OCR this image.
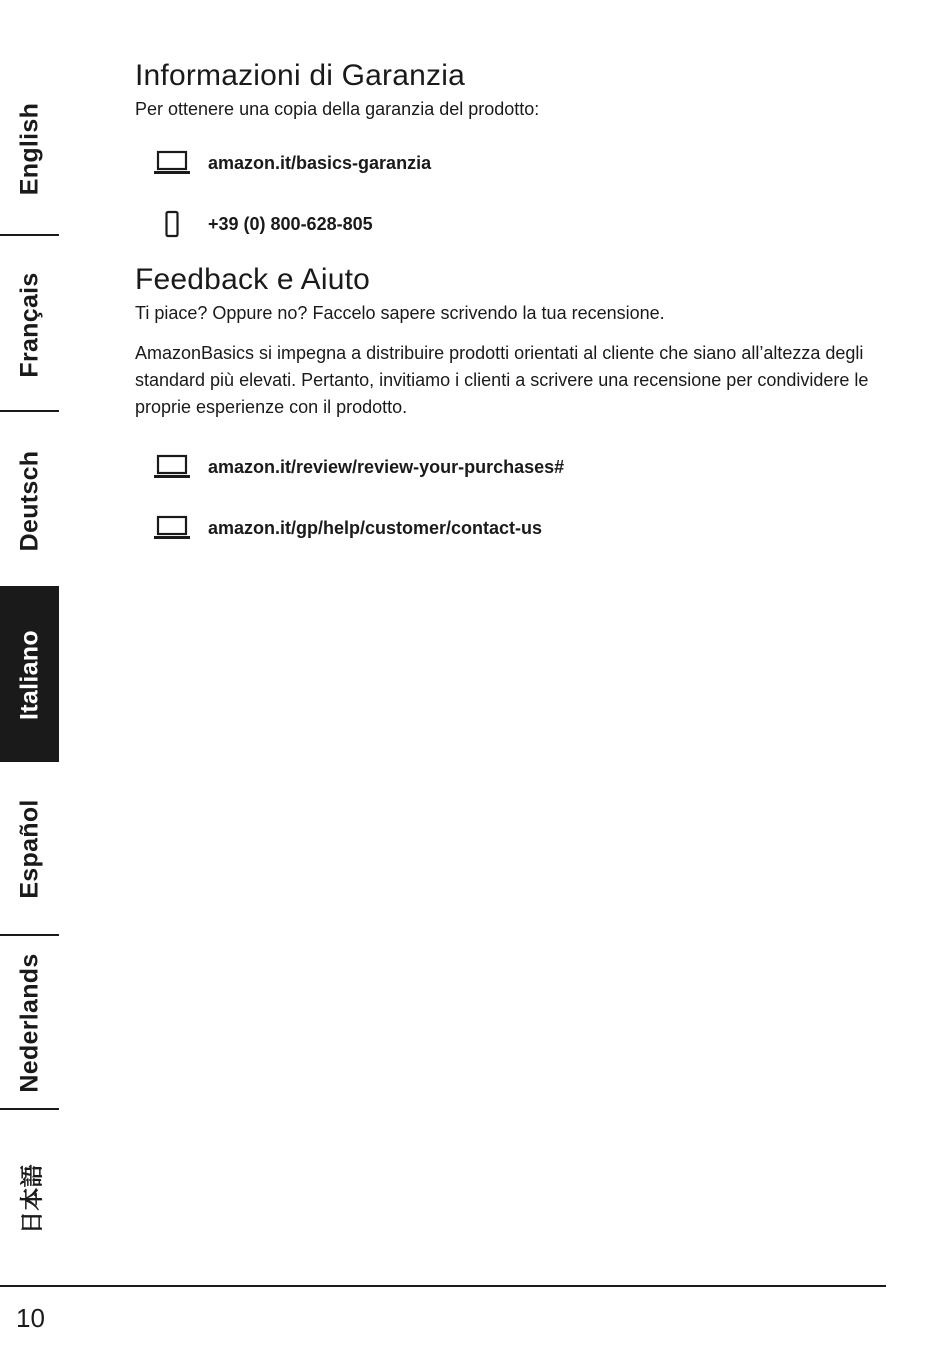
English
Français
Deutsch
Italiano
Español
Nederlands
日本語
Informazioni di Garanzia

Per ottenere una copia della garanzia del prodotto:

amazon.it/basics-garanzia
+39 (0) 800-628-805
Feedback e Aiuto

Ti piace? Oppure no? Faccelo sapere scrivendo la tua recensione.

AmazonBasics si impegna a distribuire prodotti orientati al cliente che siano all’altezza degli standard più elevati. Pertanto, invitiamo i clienti a scrivere una recensione per condividere le proprie esperienze con il prodotto.

amazon.it/review/review-your-purchases#
amazon.it/gp/help/customer/contact-us
10
